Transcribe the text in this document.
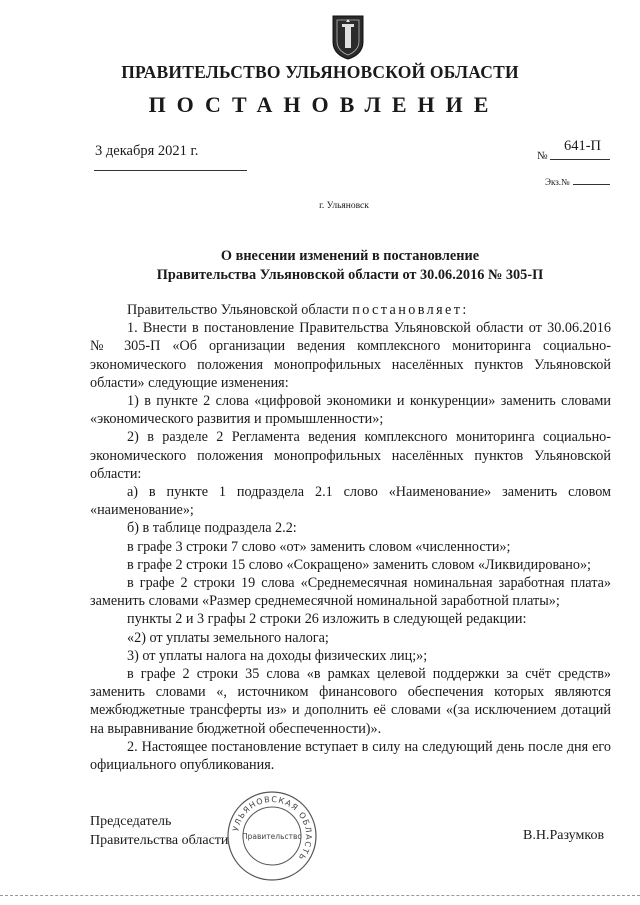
ПРАВИТЕЛЬСТВО УЛЬЯНОВСКОЙ ОБЛАСТИ
ПОСТАНОВЛЕНИЕ
3 декабря 2021 г.	№
641-П
Экз.№
г. Ульяновск
О внесении изменений в постановление
Правительства Ульяновской области от 30.06.2016 № 305-П

Правительство Ульяновской области постановляет:

1. Внести в постановление Правительства Ульяновской области от 30.06.2016 № 305-П «Об организации ведения комплексного мониторинга социально-экономического положения монопрофильных населённых пунктов Ульяновской области» следующие изменения:

1) в пункте 2 слова «цифровой экономики и конкуренции» заменить словами «экономического развития и промышленности»;

2) в разделе 2 Регламента ведения комплексного мониторинга социально-экономического положения монопрофильных населённых пунктов Ульяновской области:

а) в пункте 1 подраздела 2.1 слово «Наименование» заменить словом «наименование»;

б) в таблице подраздела 2.2:

в графе 3 строки 7 слово «от» заменить словом «численности»;

в графе 2 строки 15 слово «Сокращено» заменить словом «Ликвидировано»;

в графе 2 строки 19 слова «Среднемесячная номинальная заработная плата» заменить словами «Размер среднемесячной номинальной заработной платы»;

пункты 2 и 3 графы 2 строки 26 изложить в следующей редакции:

«2) от уплаты земельного налога;

3) от уплаты налога на доходы физических лиц;»;

в графе 2 строки 35 слова «в рамках целевой поддержки за счёт средств» заменить словами «, источником финансового обеспечения которых являются межбюджетные трансферты из» и дополнить её словами «(за исключением дотаций на выравнивание бюджетной обеспеченности)».

2. Настоящее постановление вступает в силу на следующий день после дня его официального опубликования.

УЛЬЯНОВСКАЯ ОБЛАСТЬ
Правительство
Председатель
Правительства области	В.Н.Разумков
